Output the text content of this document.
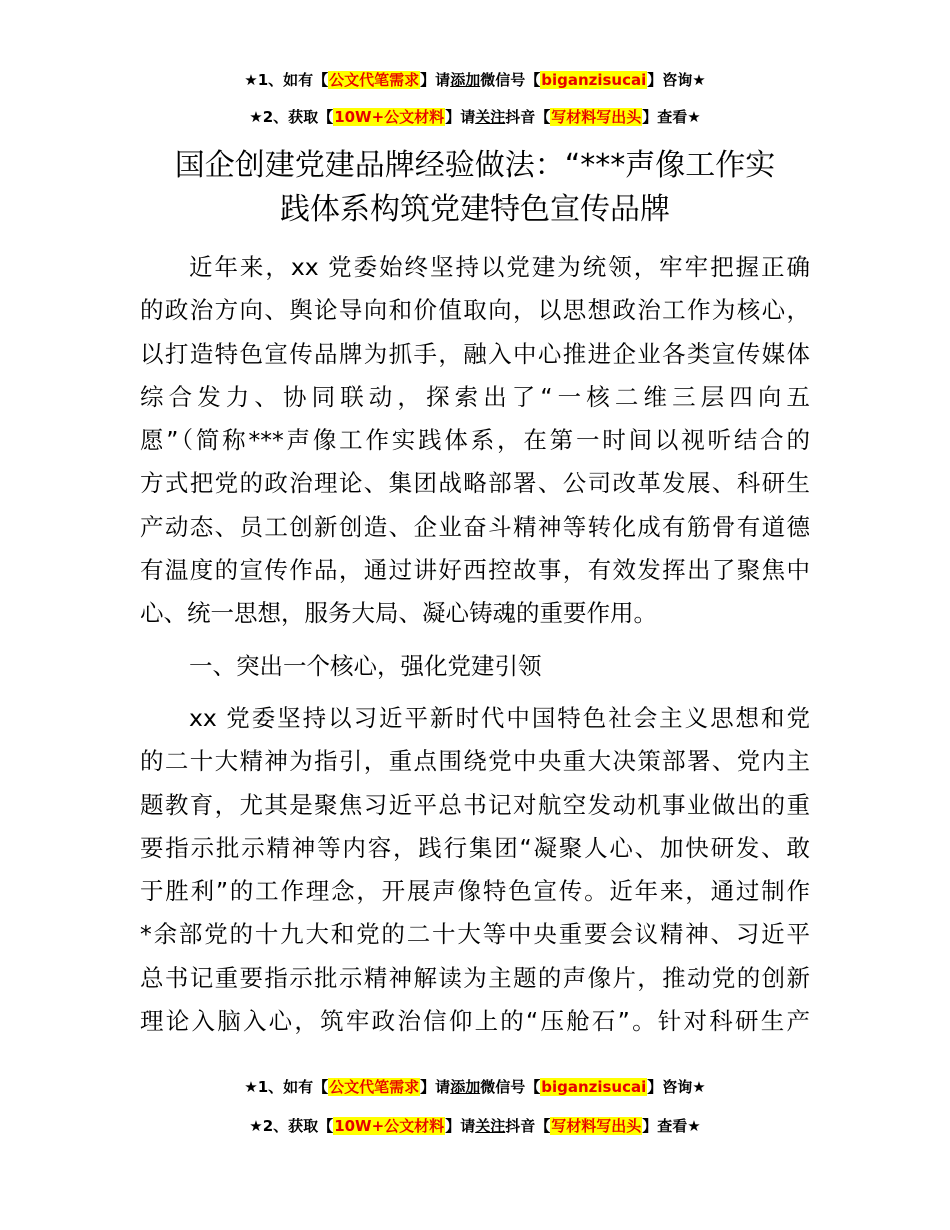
★1、如有【公文代笔需求】请添加微信号【biganzisucai】咨询★
★2、获取【10W+公文材料】请关注抖音【写材料写出头】查看★
国企创建党建品牌经验做法：“***声像工作实
践体系构筑党建特色宣传品牌
近年来，xx 党委始终坚持以党建为统领，牢牢把握正确
的政治方向、舆论导向和价值取向，以思想政治工作为核心，
以打造特色宣传品牌为抓手，融入中心推进企业各类宣传媒体
综合发力、协同联动，探索出了“一核二维三层四向五
愿”（简称***声像工作实践体系，在第一时间以视听结合的
方式把党的政治理论、集团战略部署、公司改革发展、科研生
产动态、员工创新创造、企业奋斗精神等转化成有筋骨有道德
有温度的宣传作品，通过讲好西控故事，有效发挥出了聚焦中
心、统一思想，服务大局、凝心铸魂的重要作用。
一、突出一个核心，强化党建引领
xx 党委坚持以习近平新时代中国特色社会主义思想和党
的二十大精神为指引，重点围绕党中央重大决策部署、党内主
题教育，尤其是聚焦习近平总书记对航空发动机事业做出的重
要指示批示精神等内容，践行集团“凝聚人心、加快研发、敢
于胜利”的工作理念，开展声像特色宣传。近年来，通过制作
*余部党的十九大和党的二十大等中央重要会议精神、习近平
总书记重要指示批示精神解读为主题的声像片，推动党的创新
理论入脑入心，筑牢政治信仰上的“压舱石”。针对科研生产
★1、如有【公文代笔需求】请添加微信号【biganzisucai】咨询★
★2、获取【10W+公文材料】请关注抖音【写材料写出头】查看★
